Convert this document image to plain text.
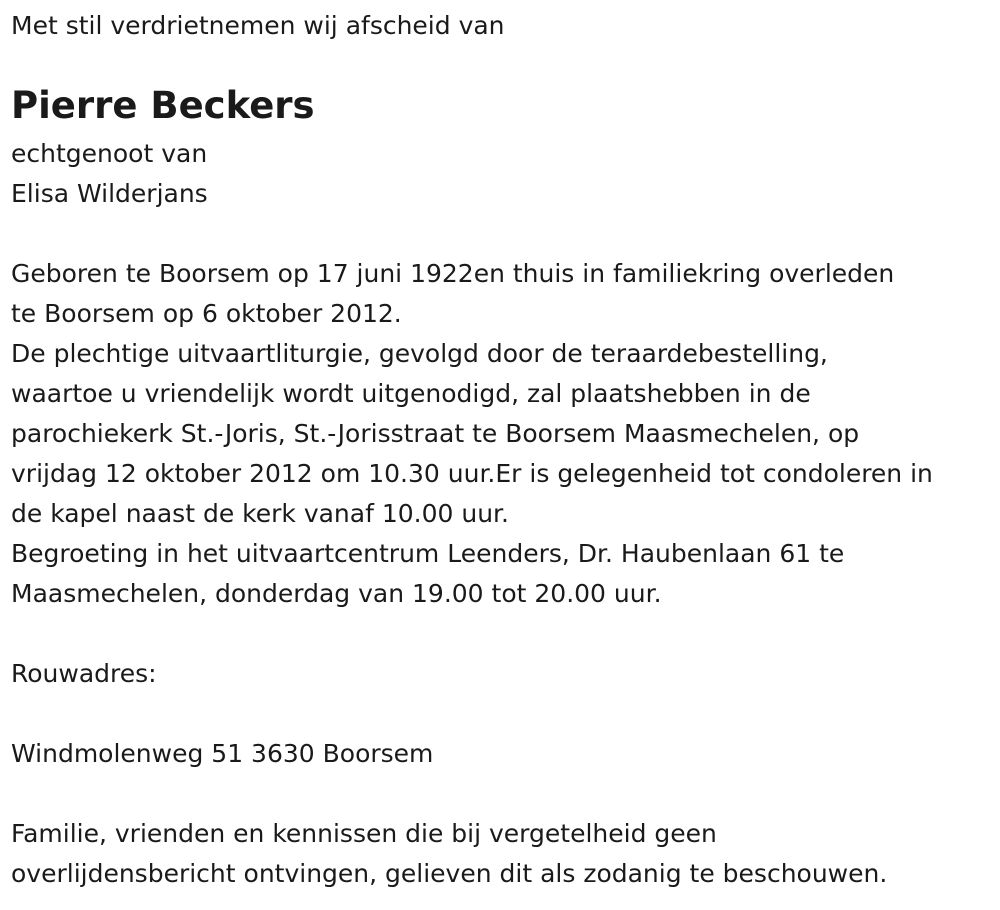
Met stil verdrietnemen wij afscheid van

Pierre Beckers

echtgenoot van

Elisa Wilderjans

Geboren te Boorsem op 17 juni 1922en thuis in familiekring overleden

te Boorsem op 6 oktober 2012.

De plechtige uitvaartliturgie, gevolgd door de teraardebestelling,

waartoe u vriendelijk wordt uitgenodigd, zal plaatshebben in de

parochiekerk St.-Joris, St.-Jorisstraat te Boorsem Maasmechelen, op

vrijdag 12 oktober 2012 om 10.30 uur.Er is gelegenheid tot condoleren in

de kapel naast de kerk vanaf 10.00 uur.

Begroeting in het uitvaartcentrum Leenders, Dr. Haubenlaan 61 te

Maasmechelen, donderdag van 19.00 tot 20.00 uur.

Rouwadres:

Windmolenweg 51 3630 Boorsem

Familie, vrienden en kennissen die bij vergetelheid geen

overlijdensbericht ontvingen, gelieven dit als zodanig te beschouwen.
